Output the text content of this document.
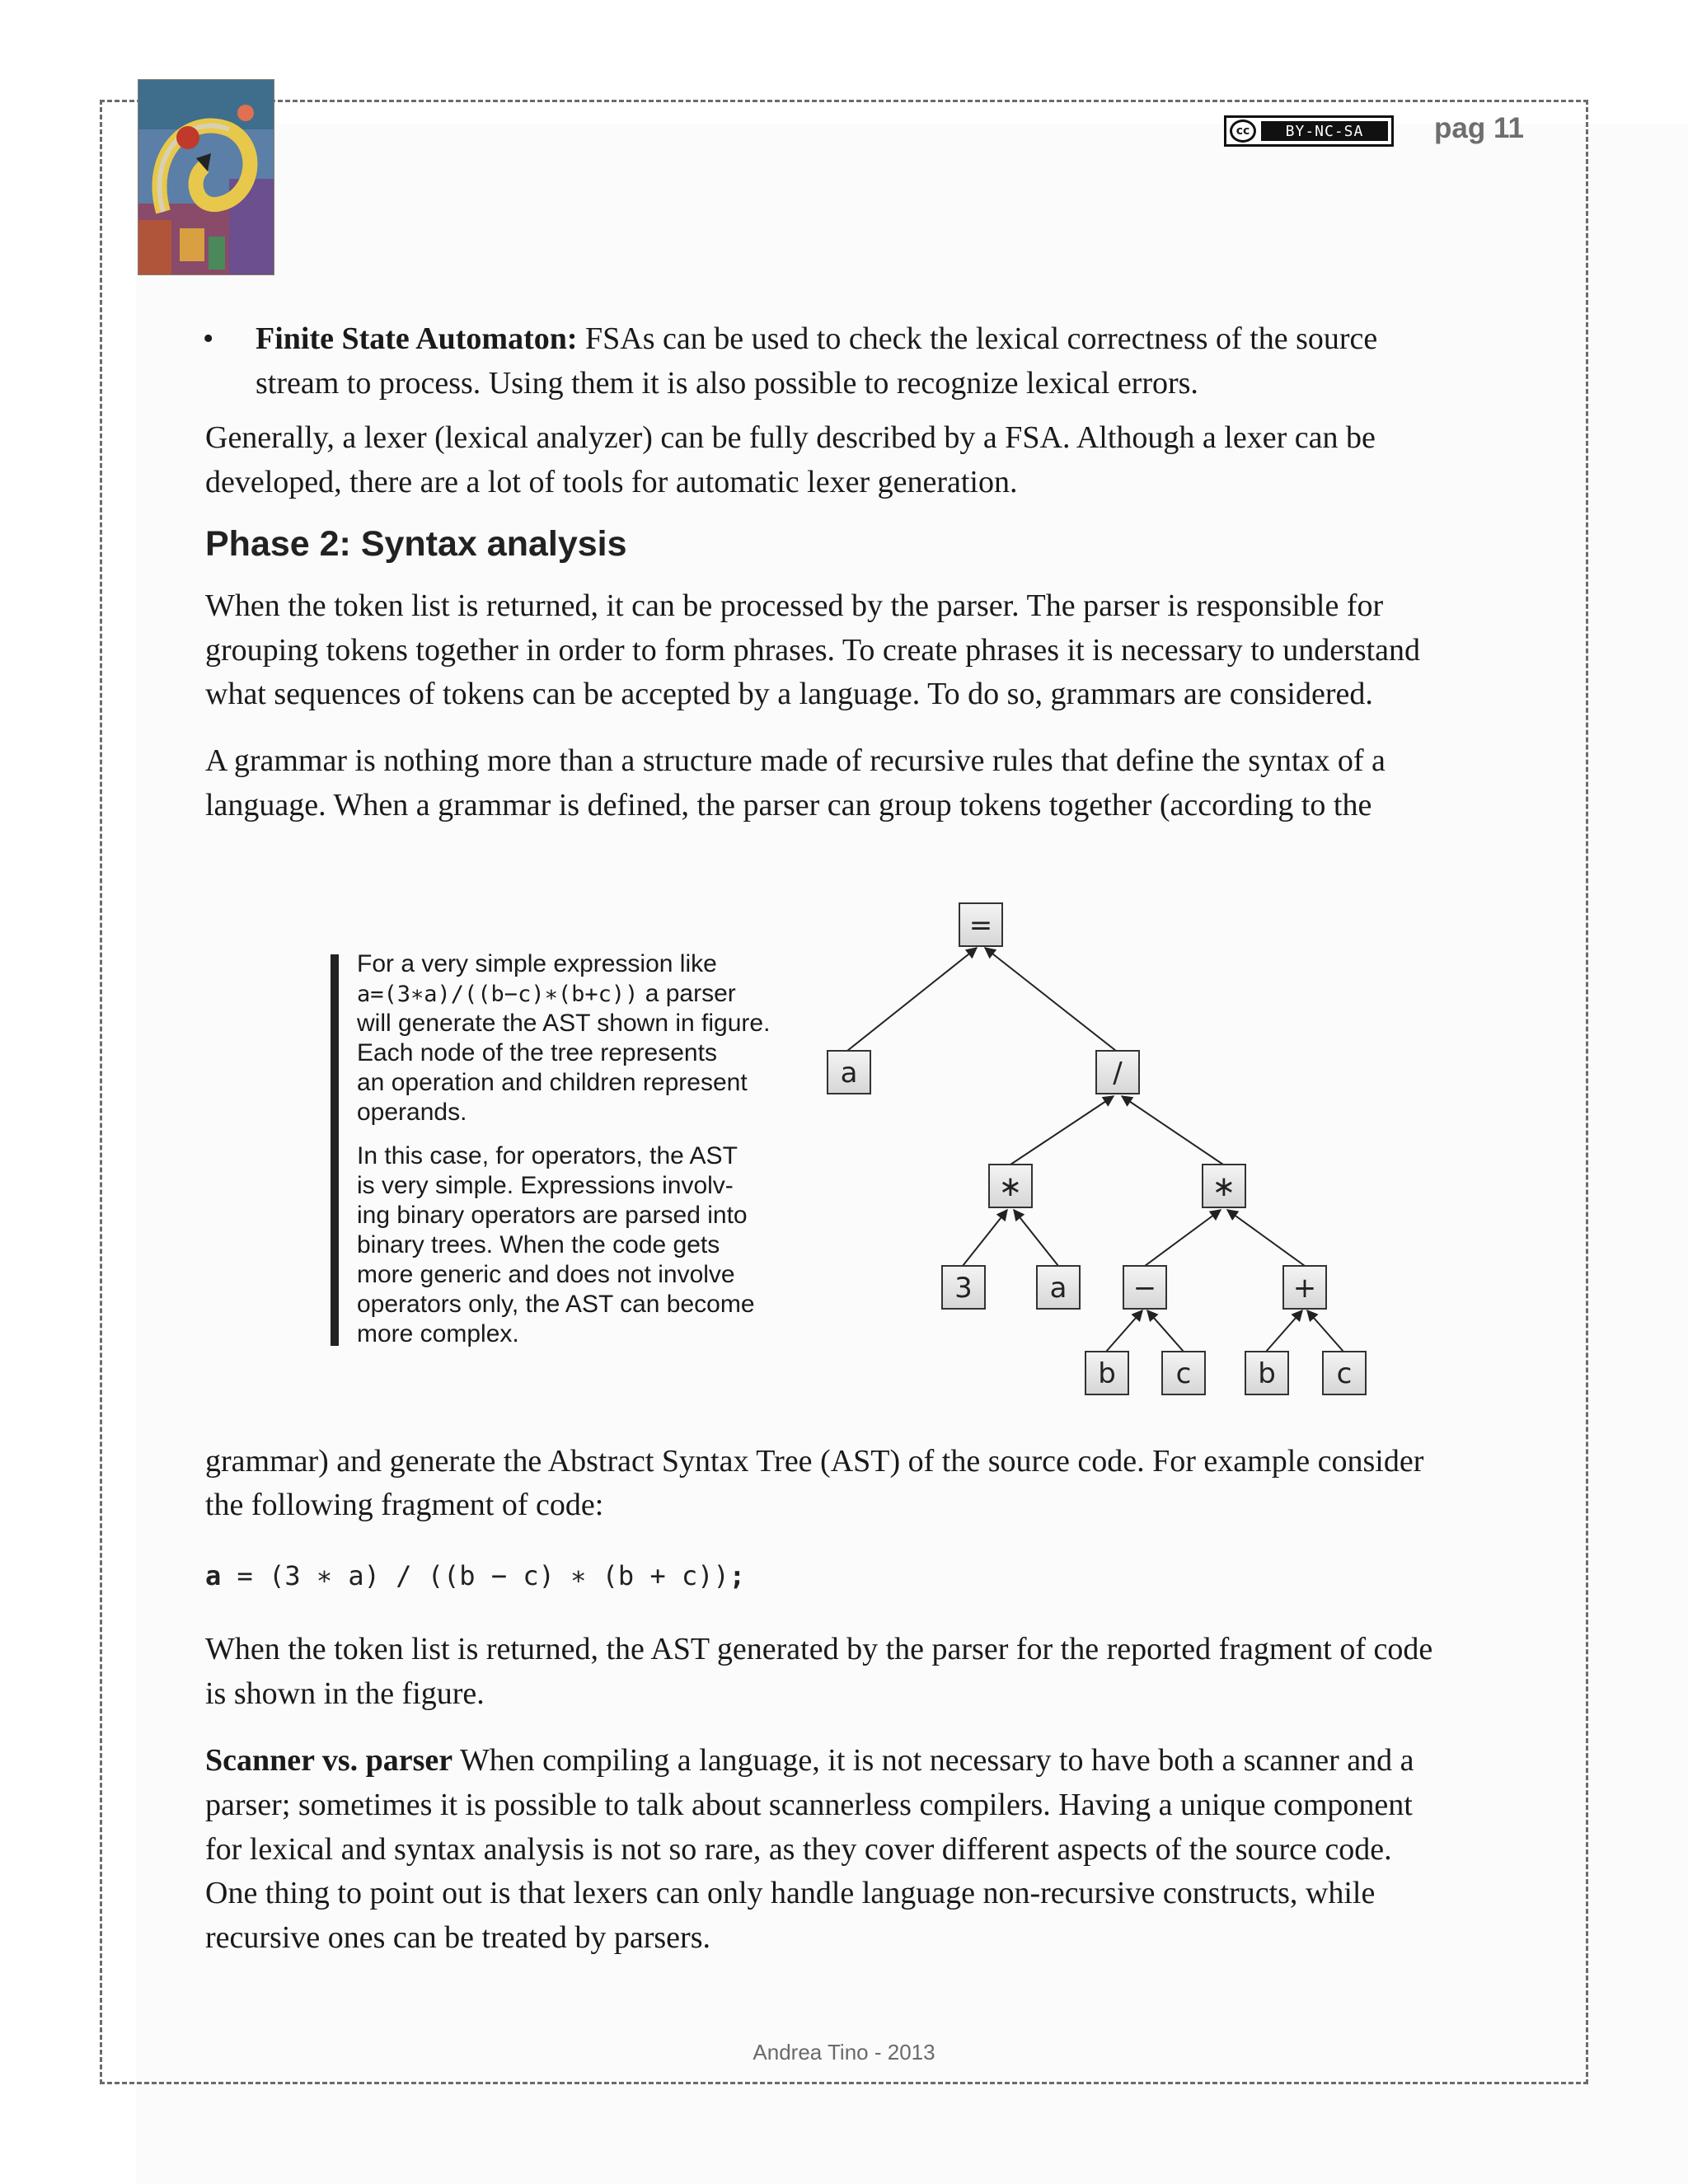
cc	BY-NC-SA	pag 11
• Finite State Automaton: FSAs can be used to check the lexical correctness of the source

stream to process. Using them it is also possible to recognize lexical errors.

Generally, a lexer (lexical analyzer) can be fully described by a FSA. Although a lexer can be

developed, there are a lot of tools for automatic lexer generation.

Phase 2: Syntax analysis

When the token list is returned, it can be processed by the parser. The parser is responsible for

grouping tokens together in order to form phrases. To create phrases it is necessary to understand

what sequences of tokens can be accepted by a language. To do so, grammars are considered.

A grammar is nothing more than a structure made of recursive rules that define the syntax of a

language. When a grammar is defined, the parser can group tokens together (according to the

For a very simple expression like

a=(3∗a)/((b−c)∗(b+c)) a parser

will generate the AST shown in figure.

Each node of the tree represents

an operation and children represent

operands.

In this case, for operators, the AST

is very simple. Expressions involv-

ing binary operators are parsed into

binary trees. When the code gets

more generic and does not involve

operators only, the AST can become

more complex.

=
a	/
∗	∗
3	a −	+
b c b c

grammar) and generate the Abstract Syntax Tree (AST) of the source code. For example consider

the following fragment of code:

a = (3 ∗ a) / ((b − c) ∗ (b + c));

When the token list is returned, the AST generated by the parser for the reported fragment of code

is shown in the figure.

Scanner vs. parser When compiling a language, it is not necessary to have both a scanner and a

parser; sometimes it is possible to talk about scannerless compilers. Having a unique component

for lexical and syntax analysis is not so rare, as they cover different aspects of the source code.

One thing to point out is that lexers can only handle language non-recursive constructs, while

recursive ones can be treated by parsers.

Andrea Tino - 2013
